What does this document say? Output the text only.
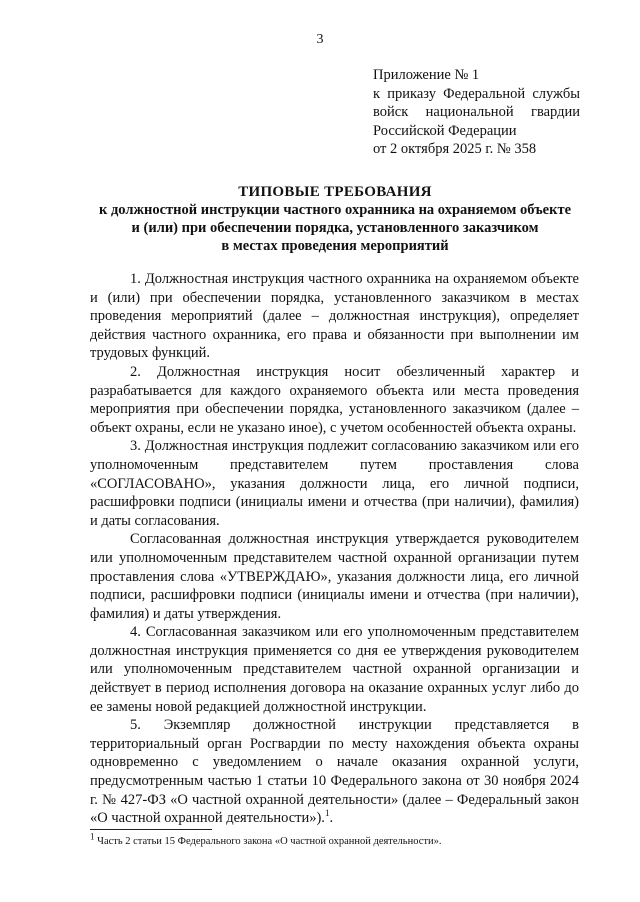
3
Приложение № 1
к приказу Федеральной службы
войск национальной гвардии
Российской Федерации
от 2 октября 2025 г. № 358
ТИПОВЫЕ ТРЕБОВАНИЯ
к должностной инструкции частного охранника на охраняемом объекте
и (или) при обеспечении порядка, установленного заказчиком
в местах проведения мероприятий

1. Должностная инструкция частного охранника на охраняемом объекте и (или) при обеспечении порядка, установленного заказчиком в местах проведения мероприятий (далее – должностная инструкция), определяет действия частного охранника, его права и обязанности при выполнении им трудовых функций.

2. Должностная инструкция носит обезличенный характер и разрабатывается для каждого охраняемого объекта или места проведения мероприятия при обеспечении порядка, установленного заказчиком (далее – объект охраны, если не указано иное), с учетом особенностей объекта охраны.

3. Должностная инструкция подлежит согласованию заказчиком или его уполномоченным представителем путем проставления слова «СОГЛАСОВАНО», указания должности лица, его личной подписи, расшифровки подписи (инициалы имени и отчества (при наличии), фамилия) и даты согласования.

Согласованная должностная инструкция утверждается руководителем или уполномоченным представителем частной охранной организации путем проставления слова «УТВЕРЖДАЮ», указания должности лица, его личной подписи, расшифровки подписи (инициалы имени и отчества (при наличии), фамилия) и даты утверждения.

4. Согласованная заказчиком или его уполномоченным представителем должностная инструкция применяется со дня ее утверждения руководителем или уполномоченным представителем частной охранной организации и действует в период исполнения договора на оказание охранных услуг либо до ее замены новой редакцией должностной инструкции.

5. Экземпляр должностной инструкции представляется в территориальный орган Росгвардии по месту нахождения объекта охраны одновременно с уведомлением о начале оказания охранной услуги, предусмотренным частью 1 статьи 10 Федерального закона от 30 ноября 2024 г. № 427-ФЗ «О частной охранной деятельности» (далее – Федеральный закон «О частной охранной деятельности»).$^1$.

$^1$ Часть 2 статьи 15 Федерального закона «О частной охранной деятельности».
